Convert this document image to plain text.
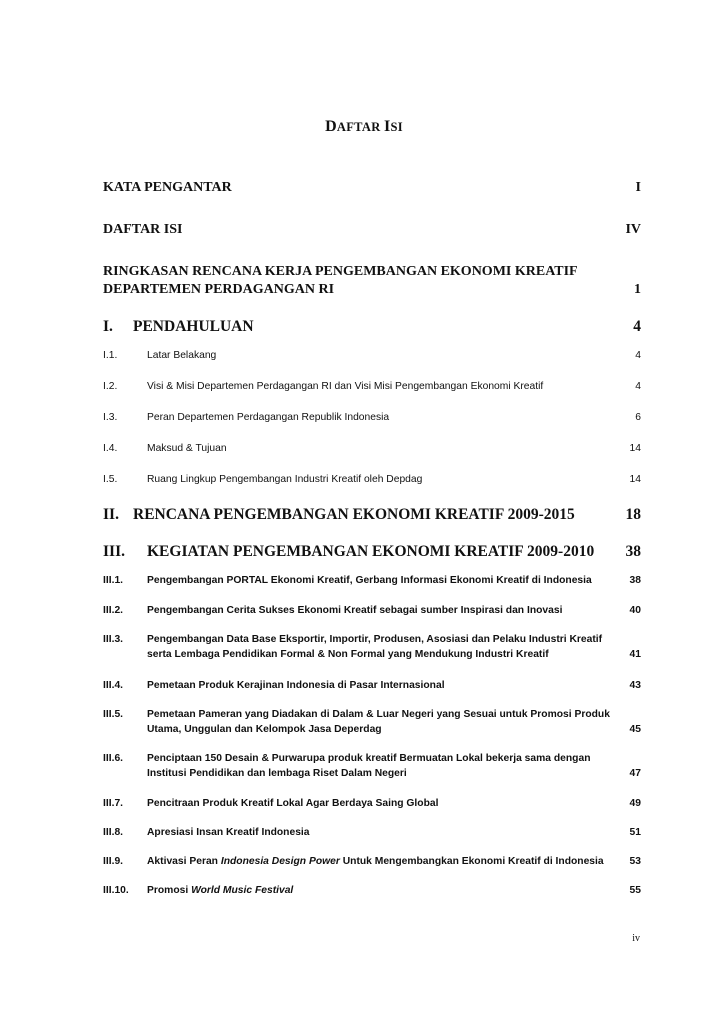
DAFTAR ISI
KATA PENGANTAR	I
DAFTAR ISI	IV
RINGKASAN RENCANA KERJA PENGEMBANGAN EKONOMI KREATIF
DEPARTEMEN PERDAGANGAN RI	1
I. PENDAHULUAN	4
I.1.	Latar Belakang	4
I.2.	Visi & Misi Departemen Perdagangan RI dan Visi Misi Pengembangan Ekonomi Kreatif	4
I.3.	Peran Departemen Perdagangan Republik Indonesia	6
I.4.	Maksud & Tujuan	14
I.5.	Ruang Lingkup Pengembangan Industri Kreatif oleh Depdag	14
II. RENCANA PENGEMBANGAN EKONOMI KREATIF 2009-2015	18
III. KEGIATAN PENGEMBANGAN EKONOMI KREATIF 2009-2010 38
III.1. Pengembangan PORTAL Ekonomi Kreatif, Gerbang Informasi Ekonomi Kreatif di Indonesia	38
III.2. Pengembangan Cerita Sukses Ekonomi Kreatif sebagai sumber Inspirasi dan Inovasi	40
III.3. Pengembangan Data Base Eksportir, Importir, Produsen, Asosiasi dan Pelaku Industri Kreatif
serta Lembaga Pendidikan Formal & Non Formal yang Mendukung Industri Kreatif	41
III.4. Pemetaan Produk Kerajinan Indonesia di Pasar Internasional	43
III.5. Pemetaan Pameran yang Diadakan di Dalam & Luar Negeri yang Sesuai untuk Promosi Produk
Utama, Unggulan dan Kelompok Jasa Deperdag	45
III.6. Penciptaan 150 Desain & Purwarupa produk kreatif Bermuatan Lokal bekerja sama dengan
Institusi Pendidikan dan lembaga Riset Dalam Negeri	47
III.7. Pencitraan Produk Kreatif Lokal Agar Berdaya Saing Global	49
III.8. Apresiasi Insan Kreatif Indonesia	51
III.9. Aktivasi Peran Indonesia Design Power Untuk Mengembangkan Ekonomi Kreatif di Indonesia	53
III.10. Promosi World Music Festival	55
iv
